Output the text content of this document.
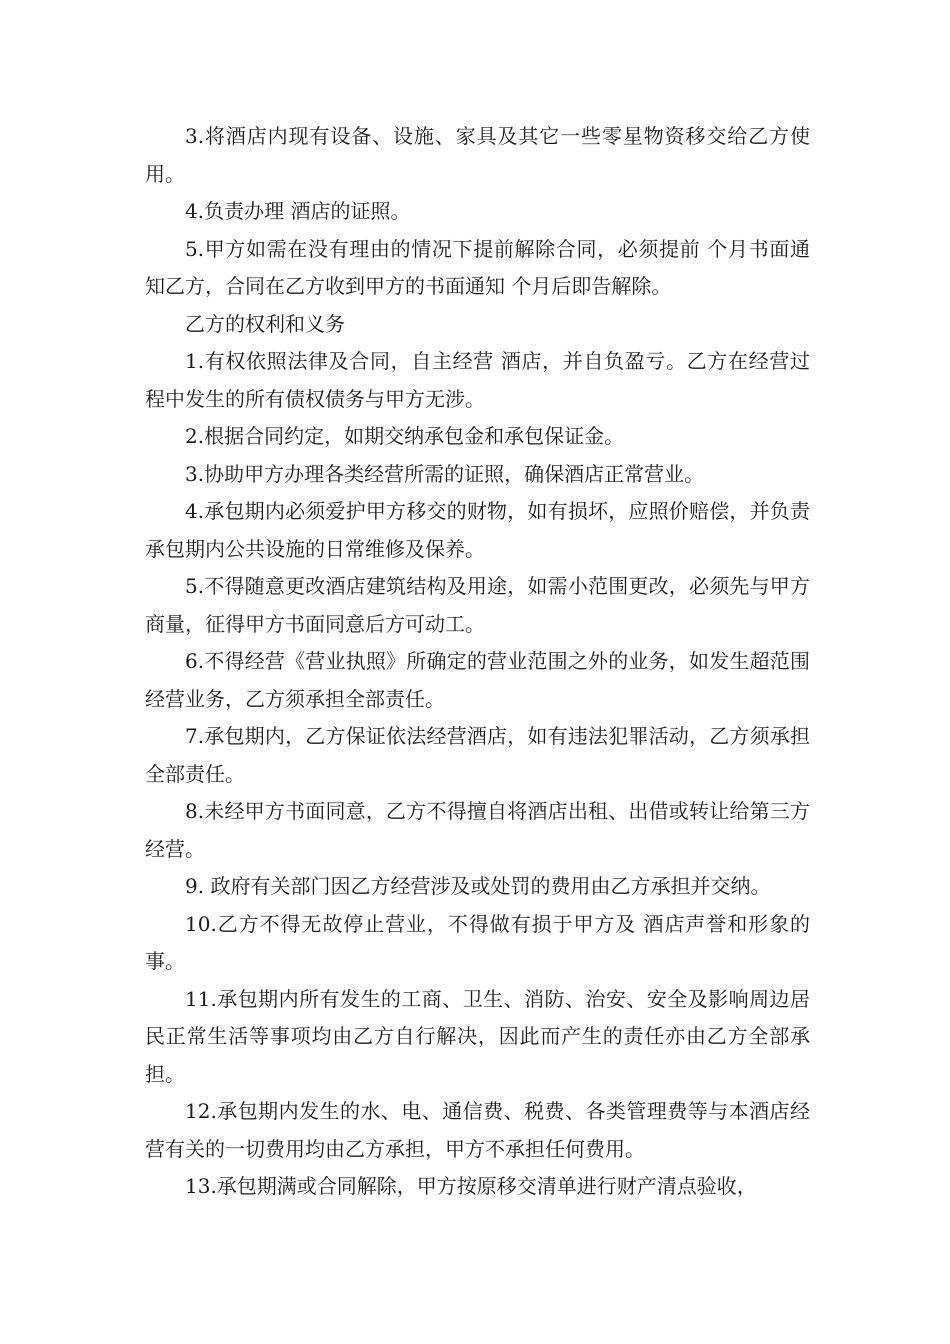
3.将酒店内现有设备、设施、家具及其它一些零星物资移交给乙方使用。

4.负责办理 酒店的证照。

5.甲方如需在没有理由的情况下提前解除合同，必须提前 个月书面通知乙方，合同在乙方收到甲方的书面通知 个月后即告解除。

乙方的权利和义务

1.有权依照法律及合同，自主经营 酒店，并自负盈亏。乙方在经营过程中发生的所有债权债务与甲方无涉。

2.根据合同约定，如期交纳承包金和承包保证金。

3.协助甲方办理各类经营所需的证照，确保酒店正常营业。

4.承包期内必须爱护甲方移交的财物，如有损坏，应照价赔偿，并负责承包期内公共设施的日常维修及保养。

5.不得随意更改酒店建筑结构及用途，如需小范围更改，必须先与甲方商量，征得甲方书面同意后方可动工。

6.不得经营《营业执照》所确定的营业范围之外的业务，如发生超范围经营业务，乙方须承担全部责任。

7.承包期内，乙方保证依法经营酒店，如有违法犯罪活动，乙方须承担全部责任。

8.未经甲方书面同意，乙方不得擅自将酒店出租、出借或转让给第三方经营。

9. 政府有关部门因乙方经营涉及或处罚的费用由乙方承担并交纳。

10.乙方不得无故停止营业，不得做有损于甲方及 酒店声誉和形象的事。

11.承包期内所有发生的工商、卫生、消防、治安、安全及影响周边居民正常生活等事项均由乙方自行解决，因此而产生的责任亦由乙方全部承担。

12.承包期内发生的水、电、通信费、税费、各类管理费等与本酒店经营有关的一切费用均由乙方承担，甲方不承担任何费用。

13.承包期满或合同解除，甲方按原移交清单进行财产清点验收，
